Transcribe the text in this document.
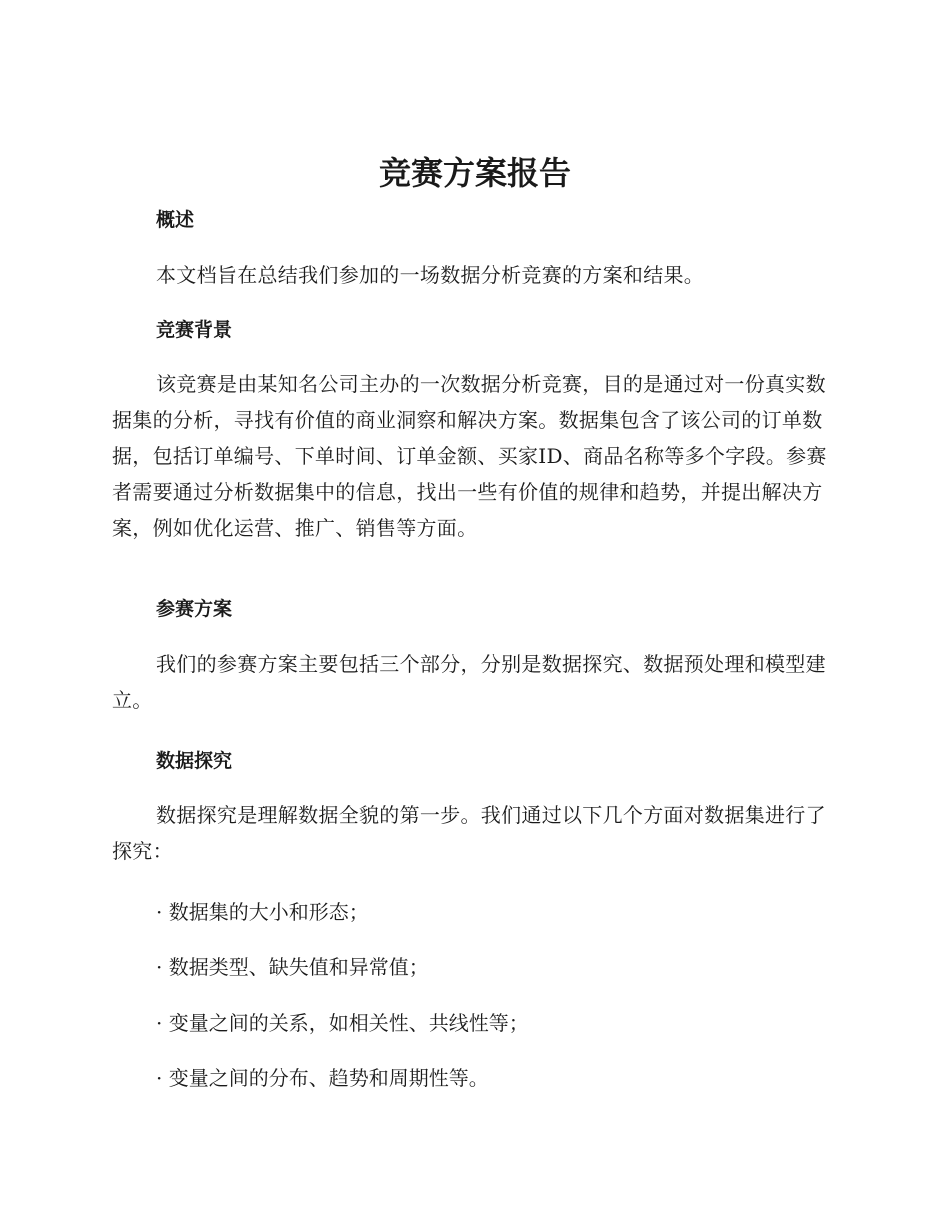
竞赛方案报告
概述

本文档旨在总结我们参加的一场数据分析竞赛的方案和结果。

竞赛背景

该竞赛是由某知名公司主办的一次数据分析竞赛，目的是通过对一份真实数据集的分析，寻找有价值的商业洞察和解决方案。数据集包含了该公司的订单数据，包括订单编号、下单时间、订单金额、买家ID、商品名称等多个字段。参赛者需要通过分析数据集中的信息，找出一些有价值的规律和趋势，并提出解决方案，例如优化运营、推广、销售等方面。

参赛方案

我们的参赛方案主要包括三个部分，分别是数据探究、数据预处理和模型建立。

数据探究

数据探究是理解数据全貌的第一步。我们通过以下几个方面对数据集进行了探究：

· 数据集的大小和形态；

· 数据类型、缺失值和异常值；

· 变量之间的关系，如相关性、共线性等；

· 变量之间的分布、趋势和周期性等。
